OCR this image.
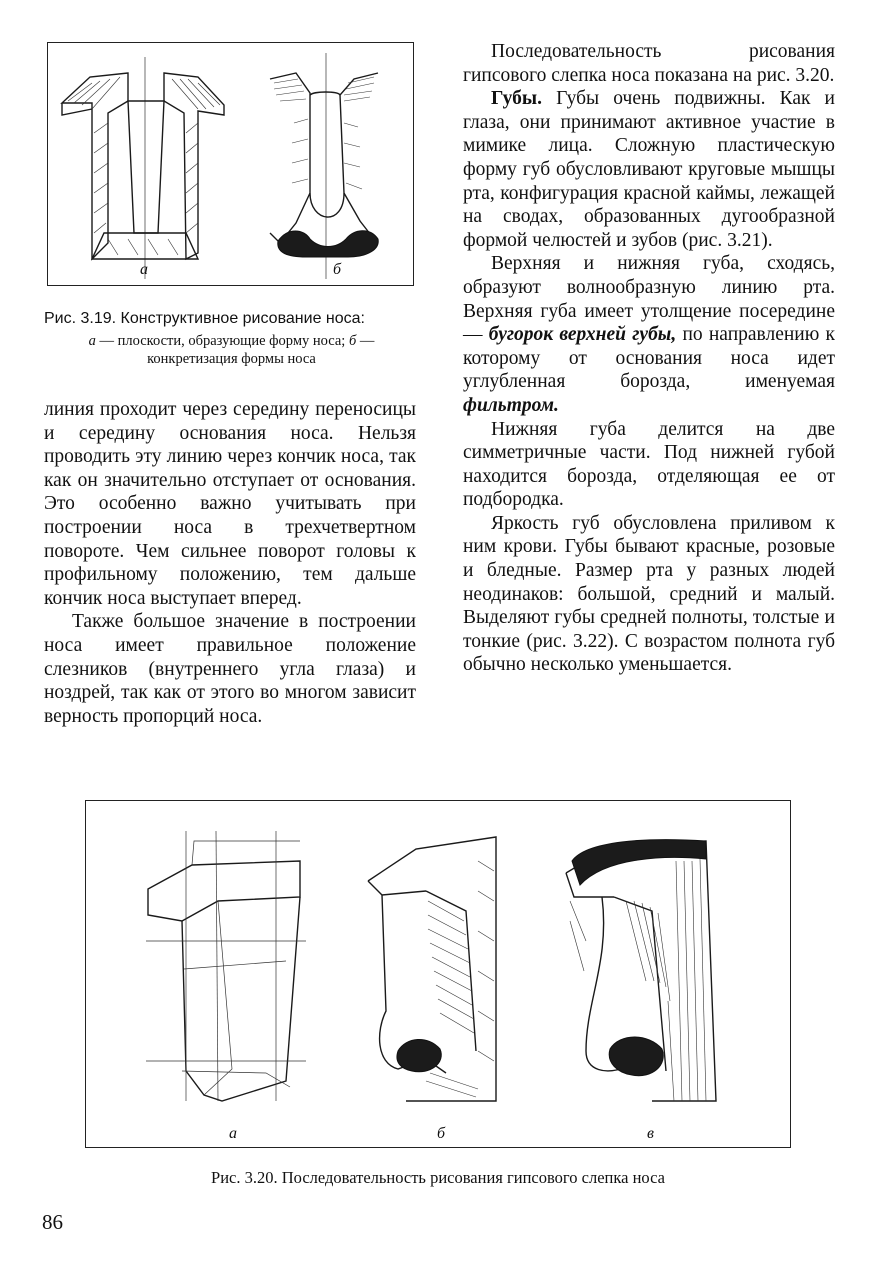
а	б
Рис. 3.19. Конструктивное рисование носа:
а — плоскости, образующие форму носа; б — конкретизация формы носа

линия проходит через середину переносицы и середину основания носа. Нельзя проводить эту линию через кончик носа, так как он значительно отступает от основания. Это особенно важно учитывать при построении носа в трехчетвертном повороте. Чем сильнее поворот головы к профильному положению, тем дальше кончик носа выступает вперед.

Также большое значение в построении носа имеет правильное положение слезников (внутреннего угла глаза) и ноздрей, так как от этого во многом зависит верность пропорций носа.

Последовательность рисования гипсового слепка носа показана на рис. 3.20.

Губы. Губы очень подвижны. Как и глаза, они принимают активное участие в мимике лица. Сложную пластическую форму губ обусловливают круговые мышцы рта, конфигурация красной каймы, лежащей на сводах, образованных дугообразной формой челюстей и зубов (рис. 3.21).

Верхняя и нижняя губа, сходясь, образуют волнообразную линию рта. Верхняя губа имеет утолщение посередине — бугорок верхней губы, по направлению к которому от основания носа идет углубленная борозда, именуемая фильтром.

Нижняя губа делится на две симметричные части. Под нижней губой находится борозда, отделяющая ее от подбородка.

Яркость губ обусловлена приливом к ним крови. Губы бывают красные, розовые и бледные. Размер рта у разных людей неодинаков: большой, средний и малый. Выделяют губы средней полноты, толстые и тонкие (рис. 3.22). С возрастом полнота губ обычно несколько уменьшается.

а	б	в
Рис. 3.20. Последовательность рисования гипсового слепка носа
86
